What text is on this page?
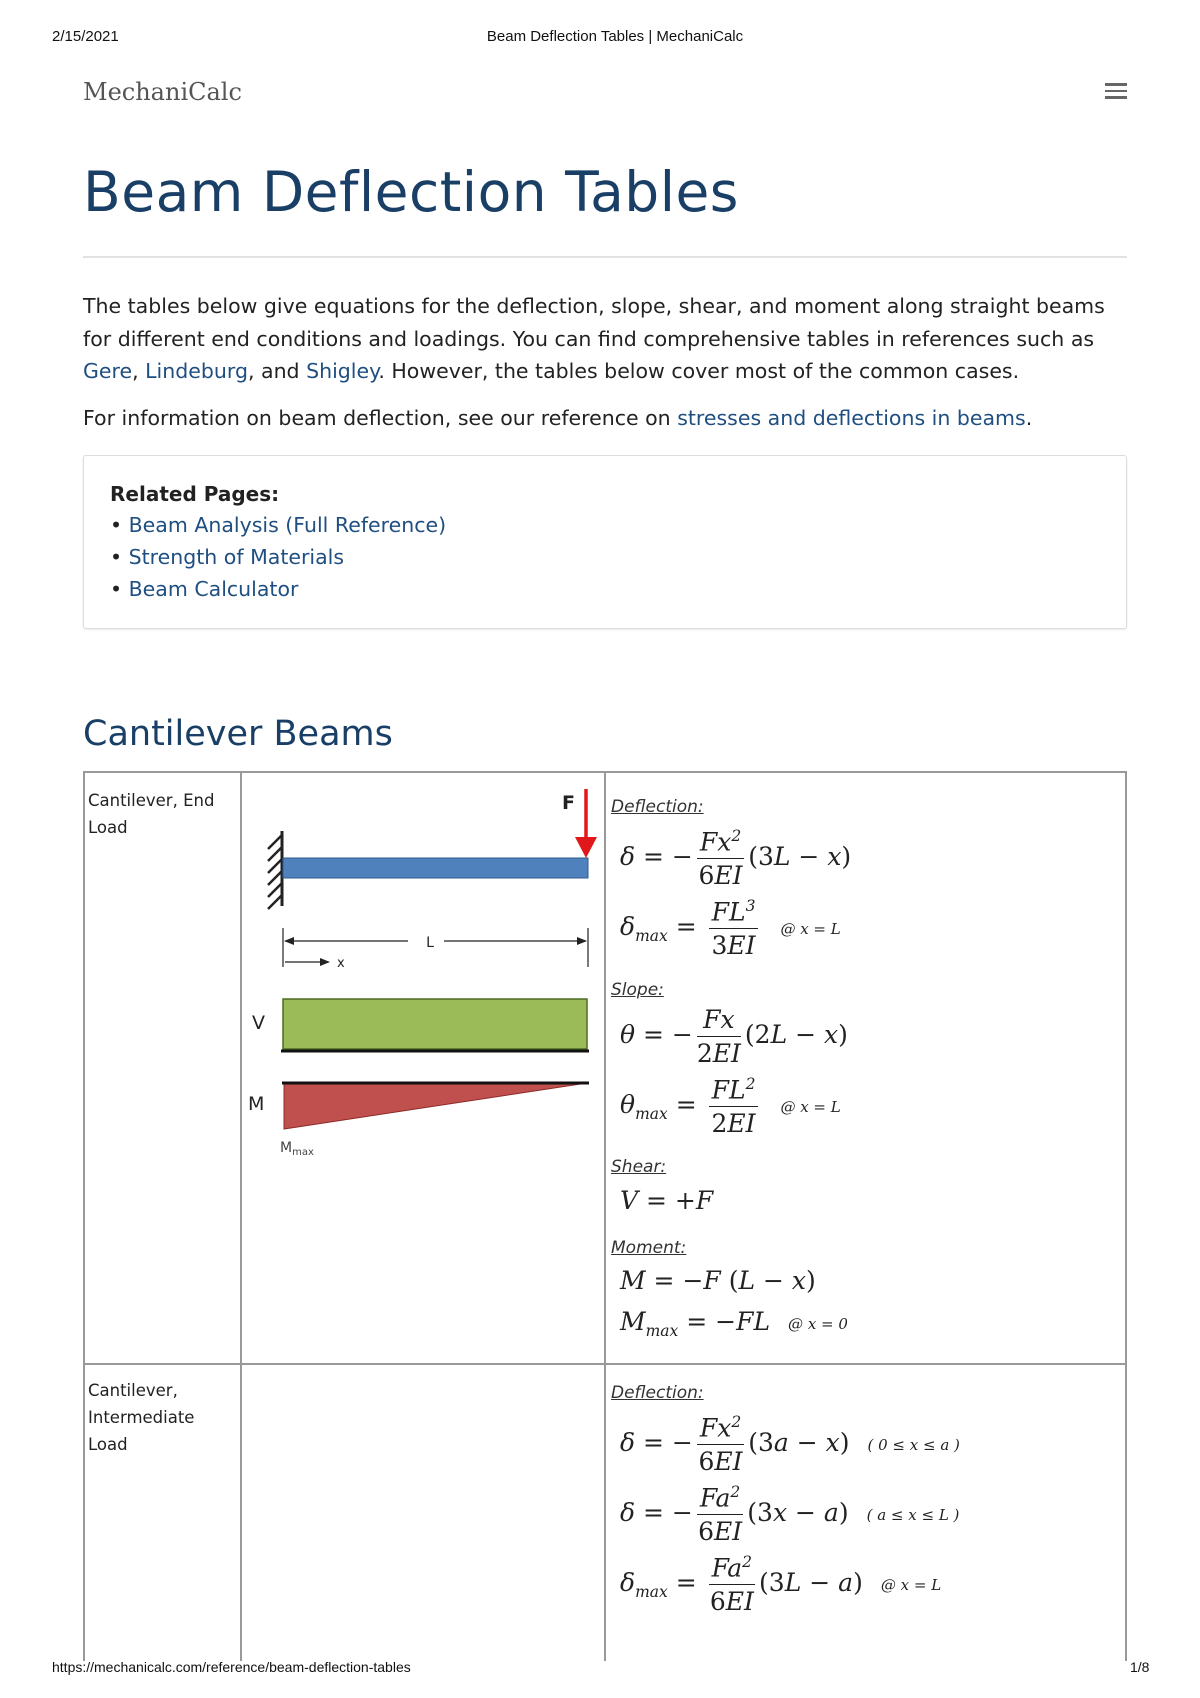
2/15/2021	Beam Deflection Tables | MechaniCalc
MechaniCalc
Beam Deflection Tables
The tables below give equations for the deflection, slope, shear, and moment along straight beams for different end conditions and loadings. You can find comprehensive tables in references such as Gere, Lindeburg, and Shigley. However, the tables below cover most of the common cases.
For information on beam deflection, see our reference on stresses and deflections in beams.
Related Pages:
• Beam Analysis (Full Reference)
• Strength of Materials
• Beam Calculator
Cantilever Beams
Cantilever, End
Load
Cantilever,
Intermediate
Load
F
L
x
V
M
$M_{max}$
Deflection:
δ = − $\frac{Fx^2}{6EI} (3L - x)$
$\delta_{max} = \frac{FL^3}{3EI}$ @ x = L
Slope:
θ = − $\frac{Fx}{2EI} (2L - x)$
$\theta_{max} = \frac{FL^2}{2EI}$ @ x = L
Shear:
V = +F
Moment:
M = −F (L − x)
$M_{max} = -FL$ @ x = 0
Deflection:
δ = − $\frac{Fx^2}{6EI} (3a - x)$ ( 0 ≤ x ≤ a )
δ = − $\frac{Fa^2}{6EI} (3x - a)$ ( a ≤ x ≤ L )
$\delta_{max} = \frac{Fa^2}{6EI} (3L - a)$ @ x = L
https://mechanicalc.com/reference/beam-deflection-tables	1/8
